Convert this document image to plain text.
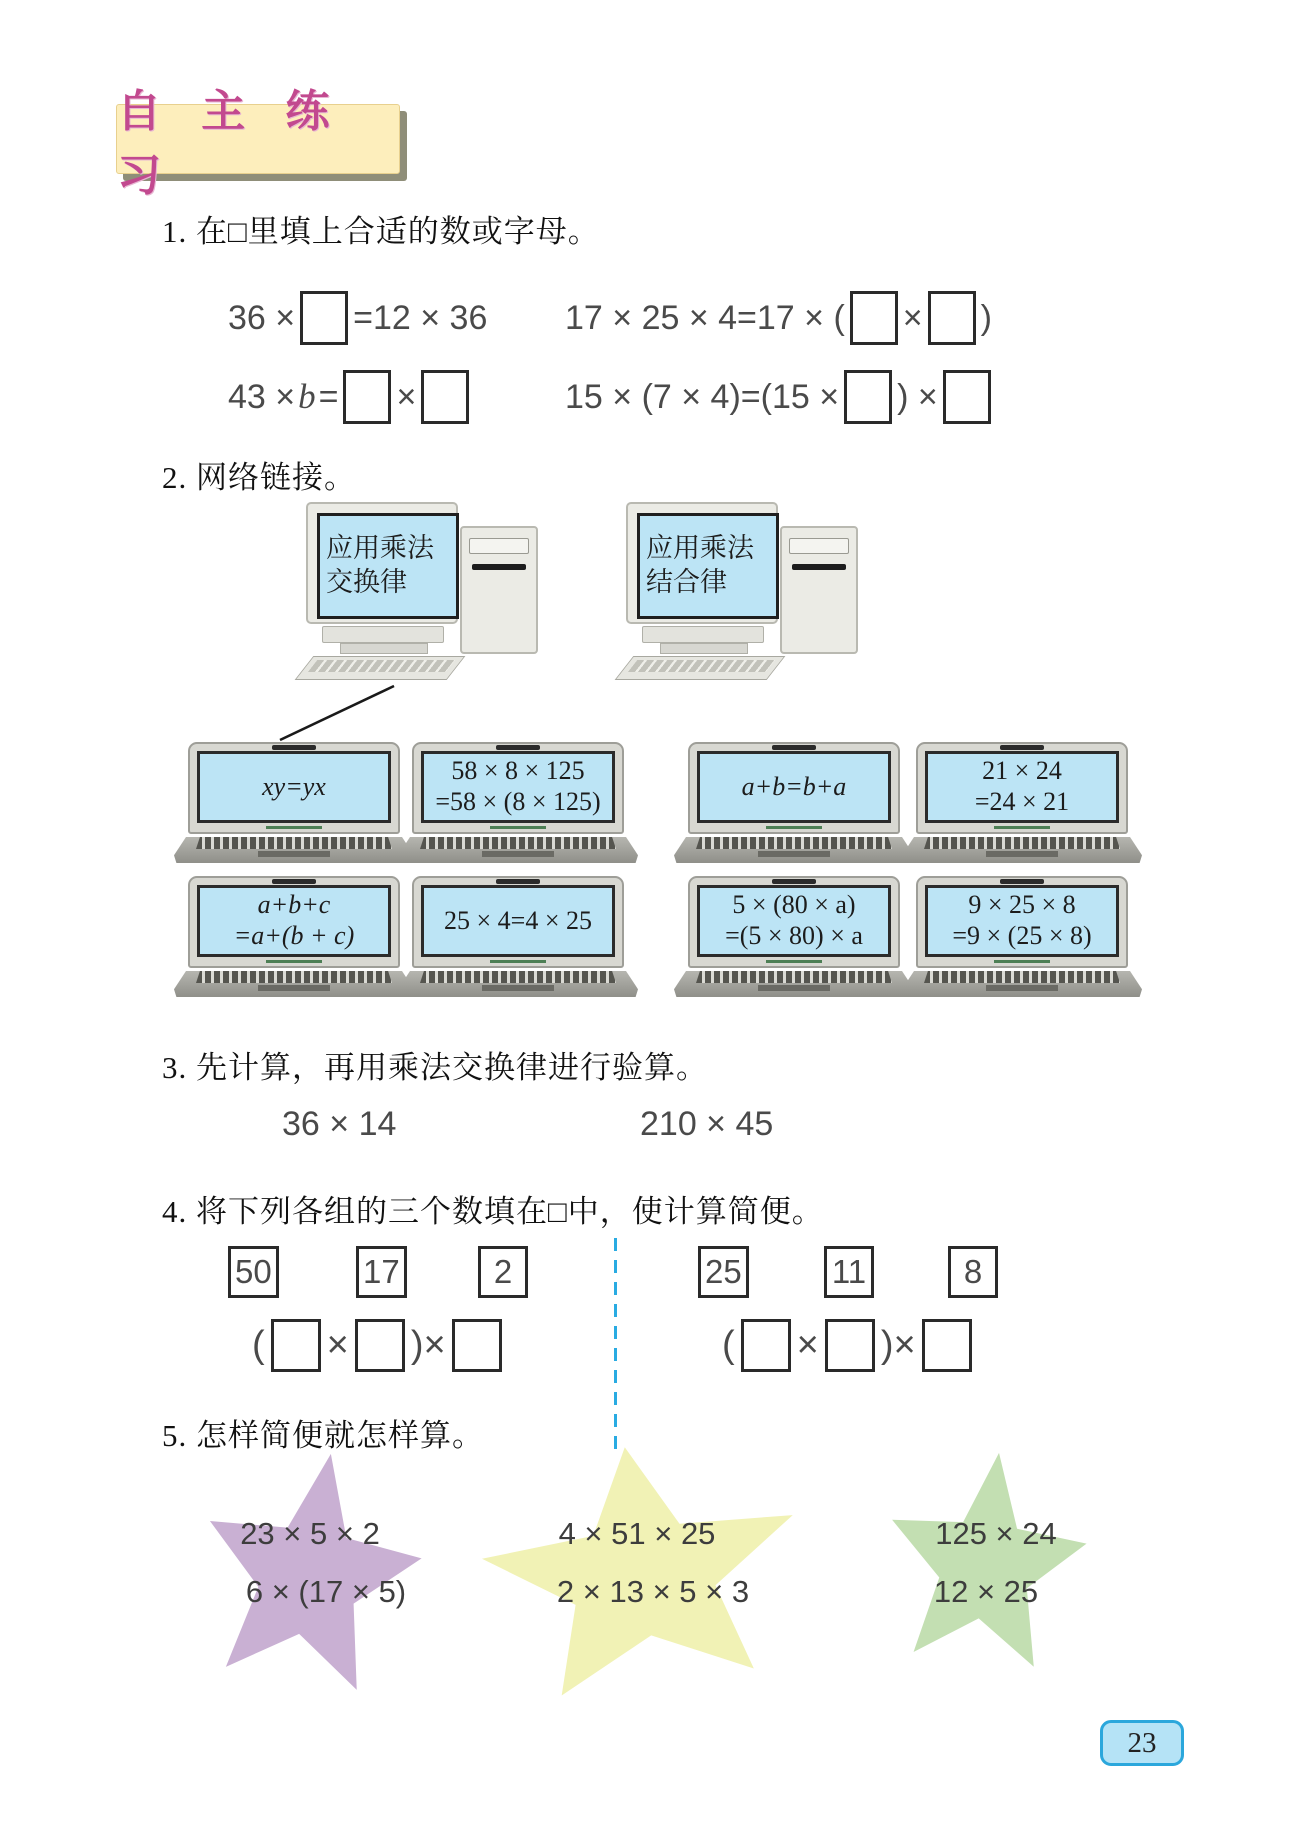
自 主 练 习
1. 在□里填上合适的数或字母。
36 × =12 × 36 17 × 25 × 4=17 × ( × )
43 × b = ×	15 × (7 × 4)=(15 × ) ×
2. 网络链接。
应用乘法
交换律
应用乘法
结合律
xy=yx
58 × 8 × 125
=58 × (8 × 125)
a+b=b+a
21 × 24
=24 × 21
a+b+c
=a+(b + c)
25 × 4=4 × 25
5 × (80 × a)
=(5 × 80) × a
9 × 25 × 8
=9 × (25 × 8)
3. 先计算，再用乘法交换律进行验算。
36 × 14	210 × 45
4. 将下列各组的三个数填在□中，使计算简便。
50	17	2	25	11	8
( × ) ×	( × ) ×
5. 怎样简便就怎样算。
23 × 5 × 2
6 × (17 × 5)
4 × 51 × 25
2 × 13 × 5 × 3
125 × 24
12 × 25
23
